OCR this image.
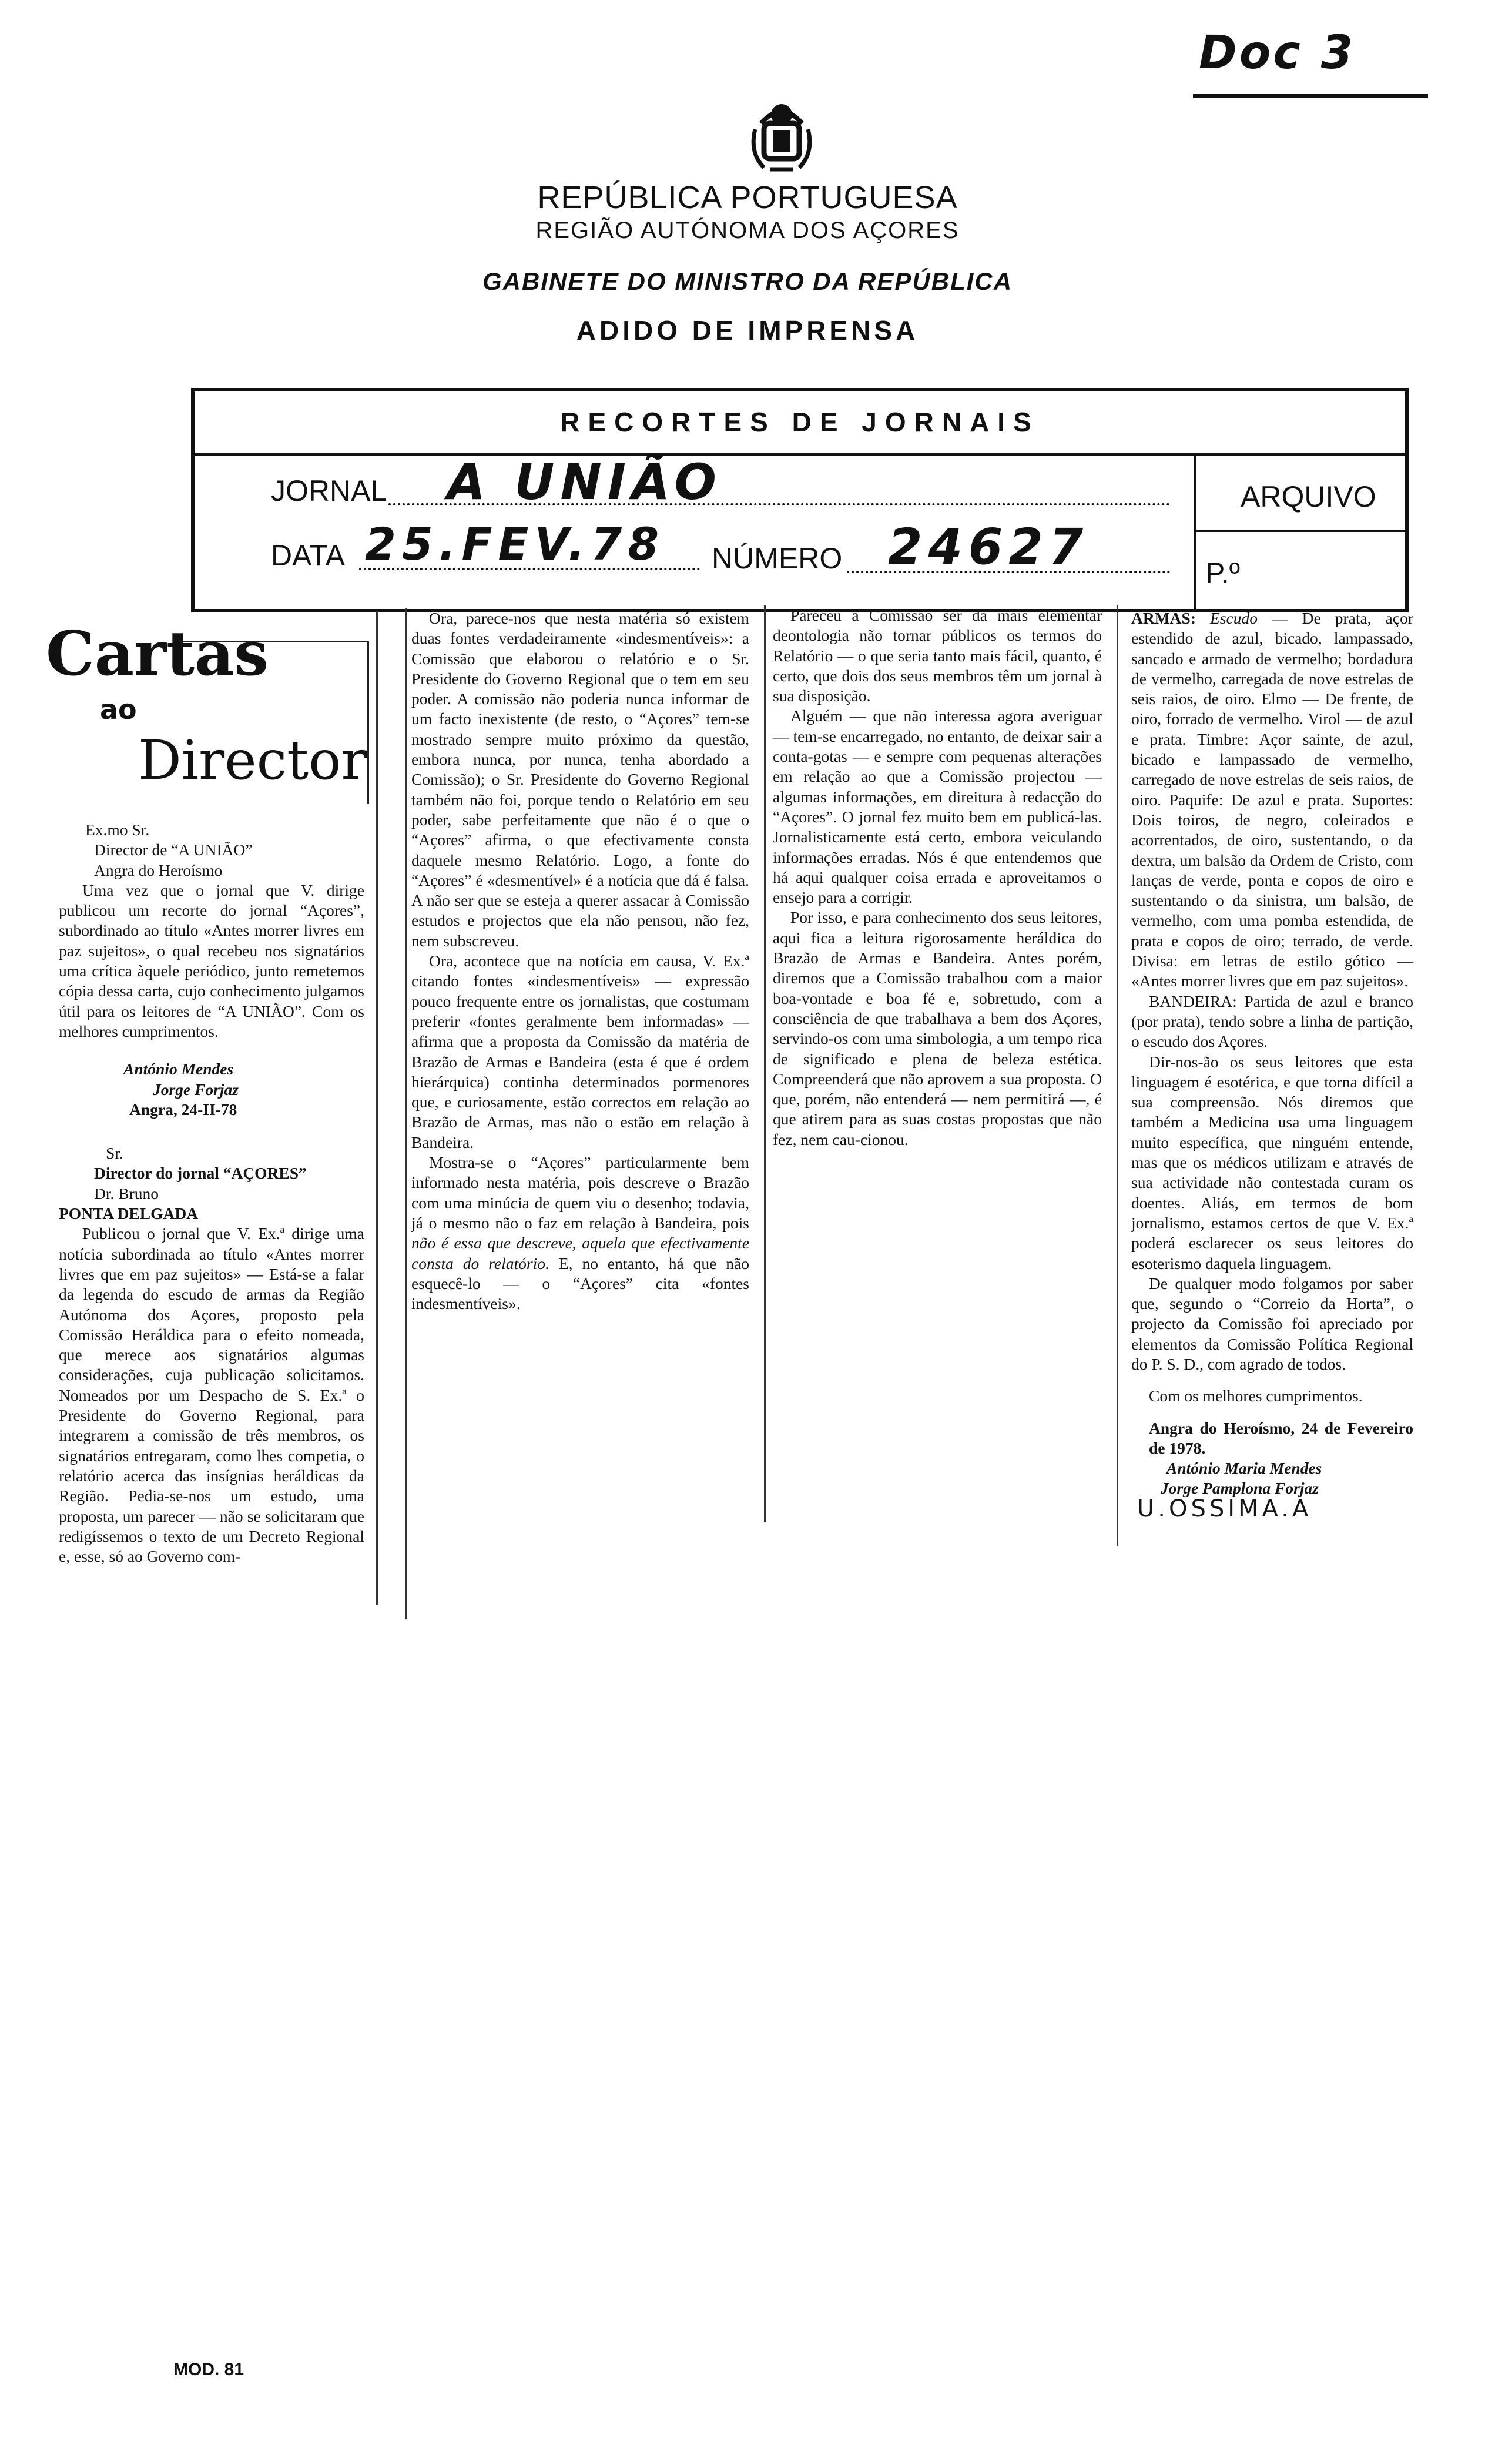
Doc 3
REPÚBLICA PORTUGUESA
REGIÃO AUTÓNOMA DOS AÇORES
GABINETE DO MINISTRO DA REPÚBLICA
ADIDO DE IMPRENSA
RECORTES DE JORNAIS
JORNAL A UNIÃO
DATA 25.FEV.78 NÚMERO 24627
ARQUIVO
P.º
Cartas
ao
Director

Ex.mo Sr.

Director de “A UNIÃO”

Angra do Heroísmo

Uma vez que o jornal que V. dirige publicou um recorte do jornal “Açores”, subordinado ao título «Antes morrer livres em paz sujeitos», o qual recebeu nos signatários uma crítica àquele periódico, junto remetemos cópia dessa carta, cujo conhecimento julgamos útil para os leitores de “A UNIÃO”. Com os melhores cumprimentos.

António Mendes

Jorge Forjaz

Angra, 24-II-78

Sr.

Director do jornal “AÇORES”

Dr. Bruno

PONTA DELGADA

Publicou o jornal que V. Ex.ª dirige uma notícia subordinada ao título «Antes morrer livres que em paz sujeitos» — Está-se a falar da legenda do escudo de armas da Região Autónoma dos Açores, proposto pela Comissão Heráldica para o efeito nomeada, que merece aos signatários algumas considerações, cuja publicação solicitamos. Nomeados por um Despacho de S. Ex.ª o Presidente do Governo Regional, para integrarem a comissão de três membros, os signatários entregaram, como lhes competia, o relatório acerca das insígnias heráldicas da Região. Pedia-se-nos um estudo, uma proposta, um parecer — não se solicitaram que redigíssemos o texto de um Decreto Regional e, esse, só ao Governo com-

Ora, parece-nos que nesta matéria só existem duas fontes verdadeiramente «indesmentíveis»: a Comissão que elaborou o relatório e o Sr. Presidente do Governo Regional que o tem em seu poder. A comissão não poderia nunca informar de um facto inexistente (de resto, o “Açores” tem-se mostrado sempre muito próximo da questão, embora nunca, por nunca, tenha abordado a Comissão); o Sr. Presidente do Governo Regional também não foi, porque tendo o Relatório em seu poder, sabe perfeitamente que não é o que o “Açores” afirma, o que efectivamente consta daquele mesmo Relatório. Logo, a fonte do “Açores” é «desmentível» é a notícia que dá é falsa. A não ser que se esteja a querer assacar à Comissão estudos e projectos que ela não pensou, não fez, nem subscreveu.

Ora, acontece que na notícia em causa, V. Ex.ª citando fontes «indesmentíveis» — expressão pouco frequente entre os jornalistas, que costumam preferir «fontes geralmente bem informadas» — afirma que a proposta da Comissão da matéria de Brazão de Armas e Bandeira (esta é que é ordem hierárquica) continha determinados pormenores que, e curiosamente, estão correctos em relação ao Brazão de Armas, mas não o estão em relação à Bandeira.

Mostra-se o “Açores” particularmente bem informado nesta matéria, pois descreve o Brazão com uma minúcia de quem viu o desenho; todavia, já o mesmo não o faz em relação à Bandeira, pois não é essa que descreve, aquela que efectivamente consta do relatório. E, no entanto, há que não esquecê-lo — o “Açores” cita «fontes indesmentíveis».

Pareceu à Comissão ser da mais elementar deontologia não tornar públicos os termos do Relatório — o que seria tanto mais fácil, quanto, é certo, que dois dos seus membros têm um jornal à sua disposição.

Alguém — que não interessa agora averiguar — tem-se encarregado, no entanto, de deixar sair a conta-gotas — e sempre com pequenas alterações em relação ao que a Comissão projectou — algumas informações, em direitura à redacção do “Açores”. O jornal fez muito bem em publicá-las. Jornalisticamente está certo, embora veiculando informações erradas. Nós é que entendemos que há aqui qualquer coisa errada e aproveitamos o ensejo para a corrigir.

Por isso, e para conhecimento dos seus leitores, aqui fica a leitura rigorosamente heráldica do Brazão de Armas e Bandeira. Antes porém, diremos que a Comissão trabalhou com a maior boa-vontade e boa fé e, sobretudo, com a consciência de que trabalhava a bem dos Açores, servindo-os com uma simbologia, a um tempo rica de significado e plena de beleza estética. Compreenderá que não aprovem a sua proposta. O que, porém, não entenderá — nem permitirá —, é que atirem para as suas costas propostas que não fez, nem cau-cionou.

ARMAS: Escudo — De prata, açor estendido de azul, bicado, lampassado, sancado e armado de vermelho; bordadura de vermelho, carregada de nove estrelas de seis raios, de oiro. Elmo — De frente, de oiro, forrado de vermelho. Virol — de azul e prata. Timbre: Açor sainte, de azul, bicado e lampassado de vermelho, carregado de nove estrelas de seis raios, de oiro. Paquife: De azul e prata. Suportes: Dois toiros, de negro, coleirados e acorrentados, de oiro, sustentando, o da dextra, um balsão da Ordem de Cristo, com lanças de verde, ponta e copos de oiro e sustentando o da sinistra, um balsão, de vermelho, com uma pomba estendida, de prata e copos de oiro; terrado, de verde. Divisa: em letras de estilo gótico — «Antes morrer livres que em paz sujeitos».

BANDEIRA: Partida de azul e branco (por prata), tendo sobre a linha de partição, o escudo dos Açores.

Dir-nos-ão os seus leitores que esta linguagem é esotérica, e que torna difícil a sua compreensão. Nós diremos que também a Medicina usa uma linguagem muito específica, que ninguém entende, mas que os médicos utilizam e através de sua actividade não contestada curam os doentes. Aliás, em termos de bom jornalismo, estamos certos de que V. Ex.ª poderá esclarecer os seus leitores do esoterismo daquela linguagem.

De qualquer modo folgamos por saber que, segundo o “Correio da Horta”, o projecto da Comissão foi apreciado por elementos da Comissão Política Regional do P. S. D., com agrado de todos.

Com os melhores cumprimentos.

Angra do Heroísmo, 24 de Fevereiro de 1978.

António Maria Mendes

Jorge Pamplona Forjaz

U.OSSIMA.A

MOD. 81
